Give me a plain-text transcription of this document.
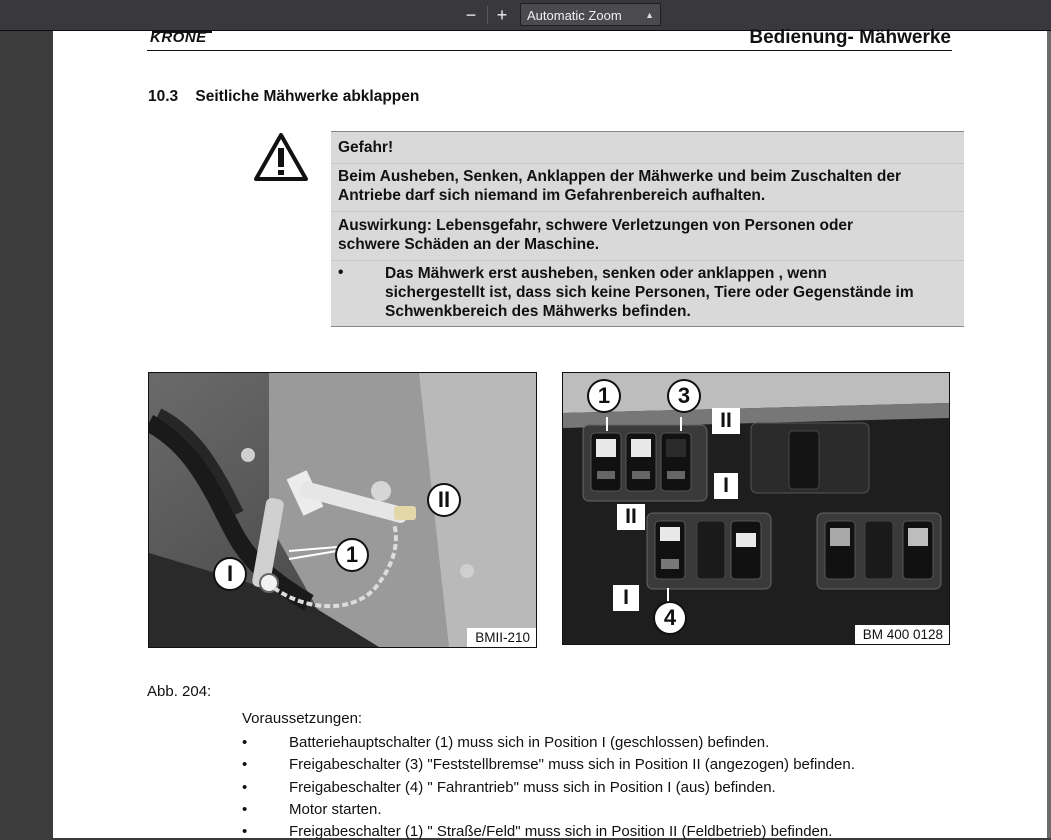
−	+	Automatic Zoom	▲

KRONE	Bedienung- Mähwerke
10.3    Seitliche Mähwerke abklappen
Gefahr!
Beim Ausheben, Senken, Anklappen der Mähwerke und beim Zuschalten der
Antriebe darf sich niemand im Gefahrenbereich aufhalten.
Auswirkung: Lebensgefahr, schwere Verletzungen von Personen oder
schwere Schäden an der Maschine.
•	Das Mähwerk erst ausheben, senken oder anklappen , wenn
sichergestellt ist, dass sich keine Personen, Tiere oder Gegenstände im
Schwenkbereich des Mähwerks befinden.
1
I
II
BMII-210
1	3
4
II
I
II
I
BM 400 0128
Abb. 204:
Voraussetzungen:
•	Batteriehauptschalter (1) muss sich in Position I (geschlossen) befinden.
•	Freigabeschalter (3) "Feststellbremse" muss sich in Position II (angezogen) befinden.
•	Freigabeschalter (4) " Fahrantrieb" muss sich in Position I (aus) befinden.
•	Motor starten.
•	Freigabeschalter (1) " Straße/Feld" muss sich in Position II (Feldbetrieb) befinden.
